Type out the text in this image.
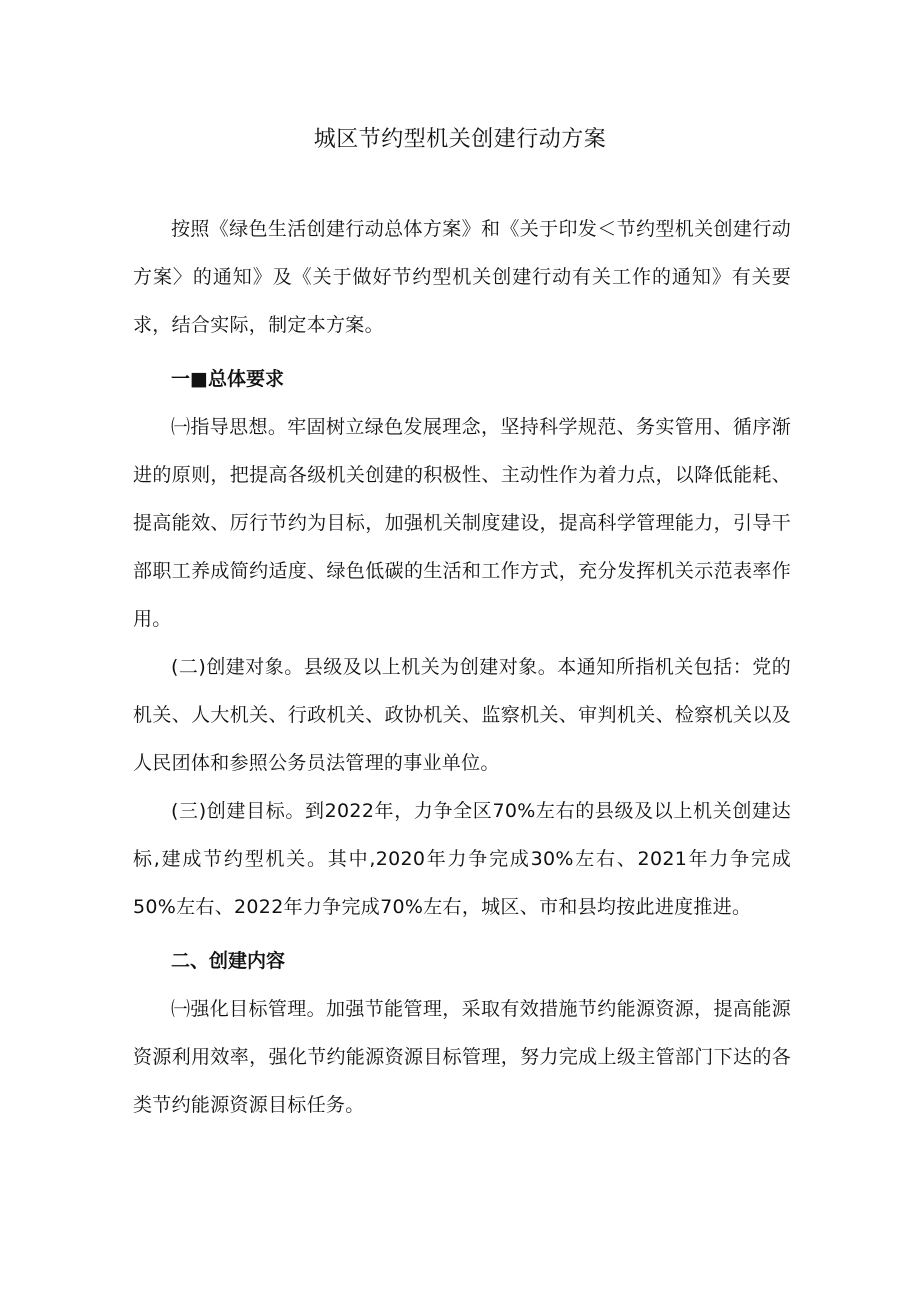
城区节约型机关创建行动方案

按照《绿色生活创建行动总体方案》和《关于印发＜节约型机关创建行动方案〉的通知》及《关于做好节约型机关创建行动有关工作的通知》有关要求，结合实际，制定本方案。

一■总体要求

㈠指导思想。牢固树立绿色发展理念，坚持科学规范、务实管用、循序渐进的原则，把提高各级机关创建的积极性、主动性作为着力点，以降低能耗、提高能效、厉行节约为目标，加强机关制度建设，提高科学管理能力，引导干部职工养成简约适度、绿色低碳的生活和工作方式，充分发挥机关示范表率作用。

(二)创建对象。县级及以上机关为创建对象。本通知所指机关包括：党的机关、人大机关、行政机关、政协机关、监察机关、审判机关、检察机关以及人民团体和参照公务员法管理的事业单位。

(三)创建目标。到2022年，力争全区70%左右的县级及以上机关创建达标,建成节约型机关。其中,2020年力争完成30%左右、2021年力争完成50%左右、2022年力争完成70%左右，城区、市和县均按此进度推进。

二、创建内容

㈠强化目标管理。加强节能管理，采取有效措施节约能源资源，提高能源资源利用效率，强化节约能源资源目标管理，努力完成上级主管部门下达的各类节约能源资源目标任务。
